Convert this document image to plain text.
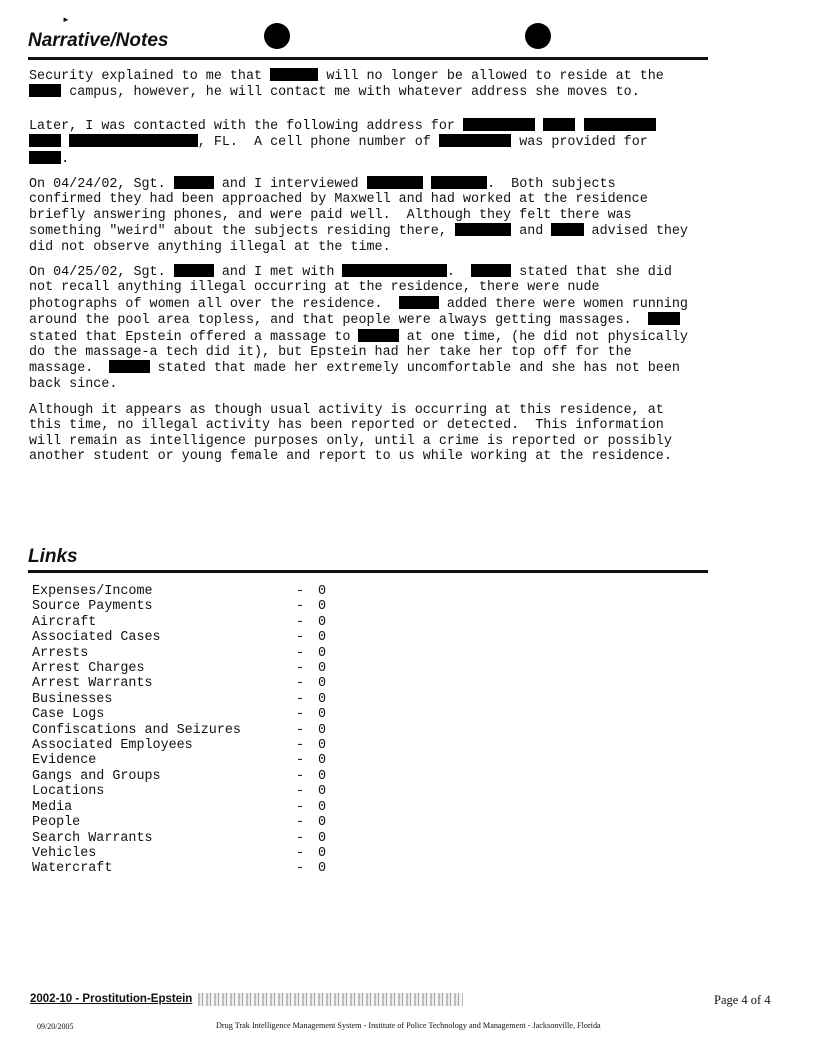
►
Narrative/Notes
Security explained to me that	will no longer be allowed to reside at the
campus, however, he will contact me with whatever address she moves to.
Later, I was contacted with the following address for
, FL.  A cell phone number of	was provided for
.
On 04/24/02, Sgt.	and I interviewed	.  Both subjects
confirmed they had been approached by Maxwell and had worked at the residence
briefly answering phones, and were paid well.  Although they felt there was
something "weird" about the subjects residing there,	and  advised they
did not observe anything illegal at the time.
On 04/25/02, Sgt.	and I met with	.	stated that she did
not recall anything illegal occurring at the residence, there were nude
photographs of women all over the residence.	added there were women running
around the pool area topless, and that people were always getting massages.
stated that Epstein offered a massage to	at one time, (he did not physically
do the massage-a tech did it), but Epstein had her take her top off for the
massage.	stated that made her extremely uncomfortable and she has not been
back since.
Although it appears as though usual activity is occurring at this residence, at
this time, no illegal activity has been reported or detected.  This information
will remain as intelligence purposes only, until a crime is reported or possibly
another student or young female and report to us while working at the residence.
Links
Expenses/Income	-	0
Source Payments	-	0
Aircraft	-	0
Associated Cases	-	0
Arrests	-	0
Arrest Charges	-	0
Arrest Warrants	-	0
Businesses	-	0
Case Logs	-	0
Confiscations and Seizures	-	0
Associated Employees	-	0
Evidence	-	0
Gangs and Groups	-	0
Locations	-	0
Media	-	0
People	-	0
Search Warrants	-	0
Vehicles	-	0
Watercraft	-	0
2002-10 - Prostitution-Epstein	Page 4 of 4
09/20/2005	Drug Trak Intelligence Management System - Institute of Police Technology and Management - Jacksonville, Florida
